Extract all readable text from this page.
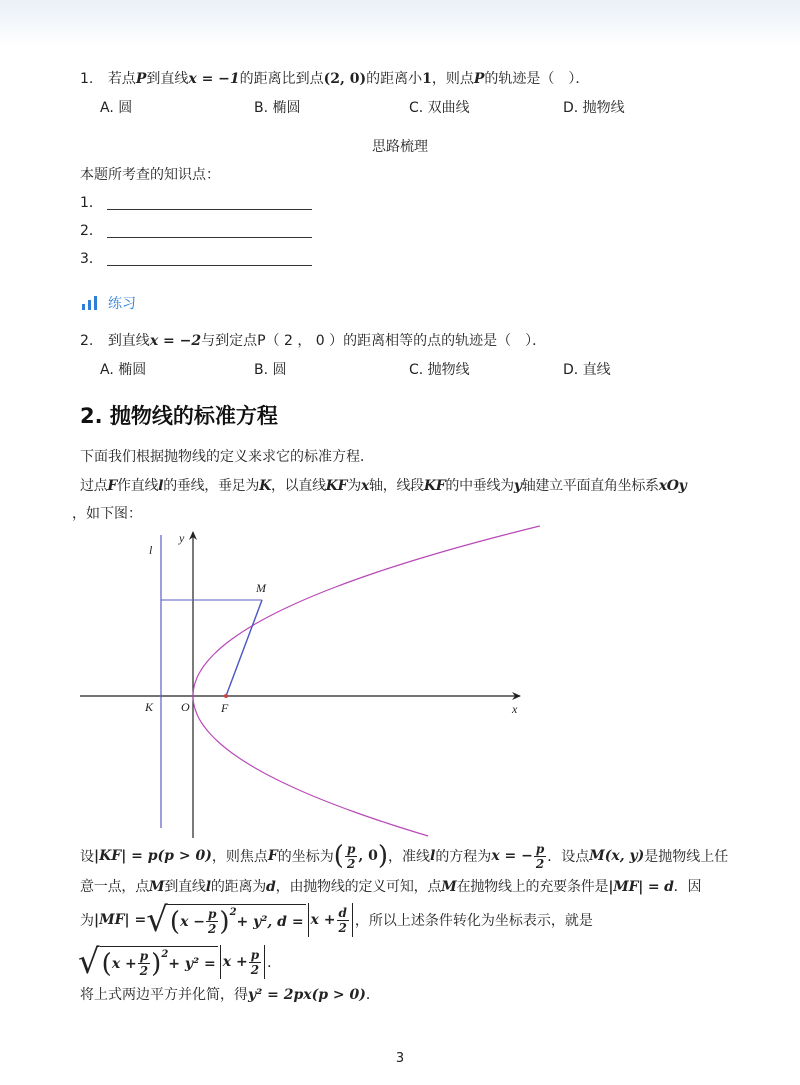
1. 若点P到直线x = −1的距离比到点(2, 0)的距离小1，则点P的轨迹是（　）．
A. 圆	B. 椭圆	C. 双曲线	D. 抛物线
思路梳理
本题所考查的知识点：
1．
2．
3．
练习
2. 到直线x = −2与到定点P（ 2 ， 0 ）的距离相等的点的轨迹是（　）．
A. 椭圆	B. 圆	C. 抛物线	D. 直线
2. 抛物线的标准方程
下面我们根据抛物线的定义来求它的标准方程．
过点F作直线l的垂线，垂足为K，以直线KF为x轴，线段KF的中垂线为y轴建立平面直角坐标系xOy
，如下图：
y
x
l
M
K O	F
设 |KF| = p(p > 0) ，则焦点 F 的坐标为 ( $\frac{p}{2}$ , 0 ) ，准线 l 的方程为 x = − $\frac{p}{2}$ ．设点 M(x, y) 是抛物线上任
意一点，点M到直线l的距离为d，由抛物线的定义可知，点M在抛物线上的充要条件是|MF| = d．因
为 |MF| = √ ( $x - \frac{p}{2} )^2$
+ y², $d = x + \frac{d}{2}$ ，所以上述条件转化为坐标表示，就是
√ ( $x + \frac{p}{2} )^2$
+ $y^2 = x + \frac{p}{2}$ ．
将上式两边平方并化简，得y² = 2px(p > 0)．
3
